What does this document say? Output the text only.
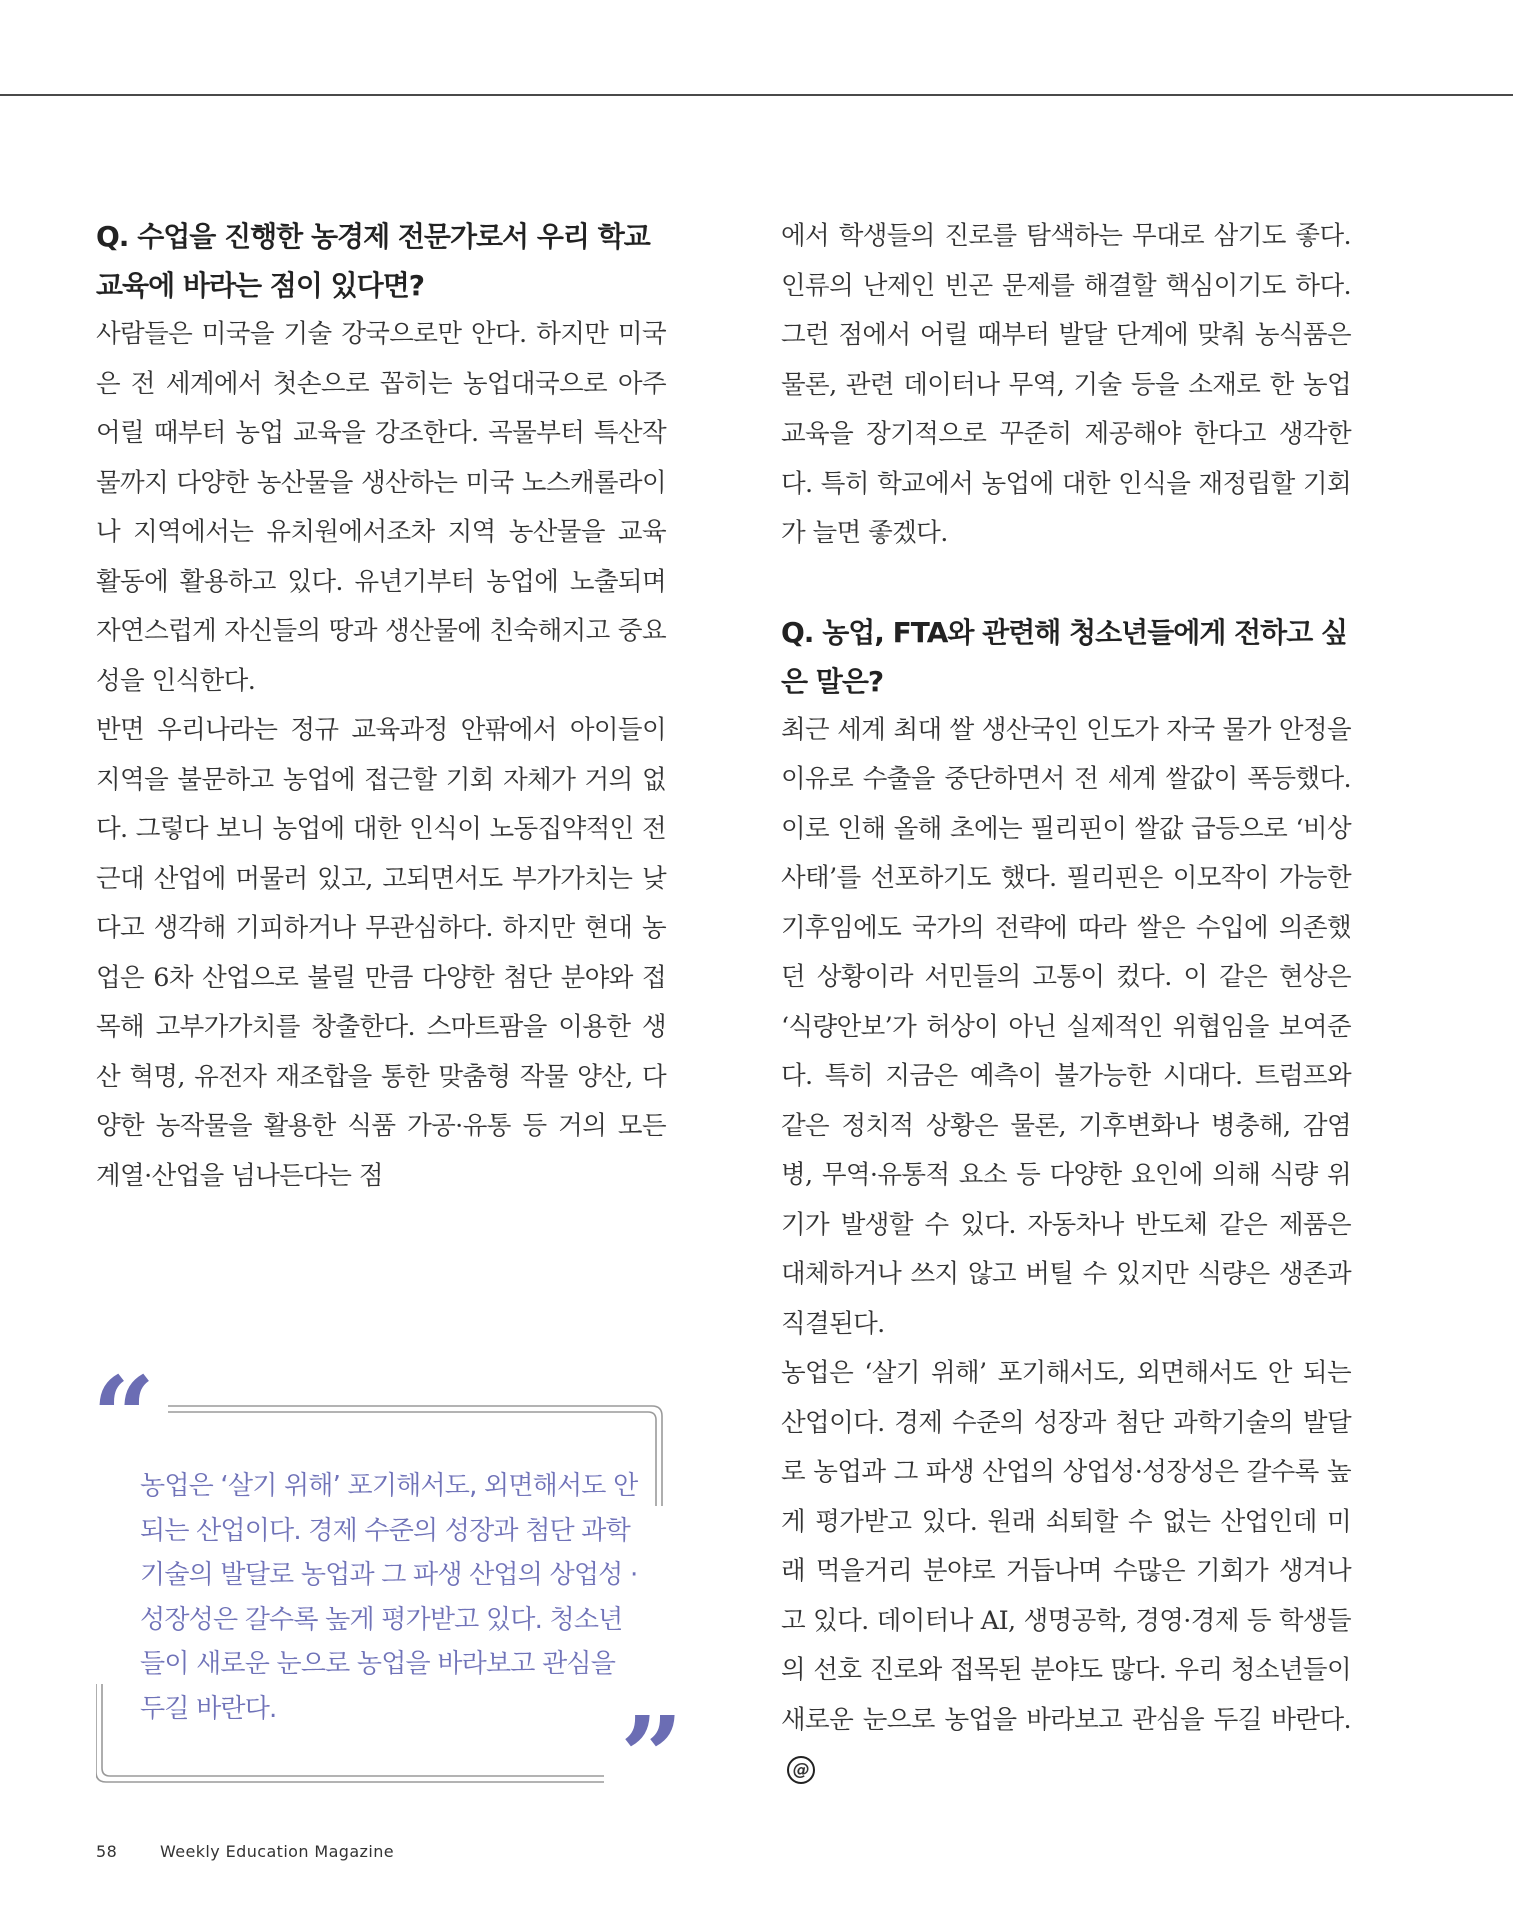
Q. 수업을 진행한 농경제 전문가로서 우리 학교 교육에 바라는 점이 있다면?

사람들은 미국을 기술 강국으로만 안다. 하지만 미국은 전 세계에서 첫손으로 꼽히는 농업대국으로 아주 어릴 때부터 농업 교육을 강조한다. 곡물부터 특산작물까지 다양한 농산물을 생산하는 미국 노스캐롤라이나 지역에서는 유치원에서조차 지역 농산물을 교육 활동에 활용하고 있다. 유년기부터 농업에 노출되며 자연스럽게 자신들의 땅과 생산물에 친숙해지고 중요성을 인식한다.

반면 우리나라는 정규 교육과정 안팎에서 아이들이 지역을 불문하고 농업에 접근할 기회 자체가 거의 없다. 그렇다 보니 농업에 대한 인식이 노동집약적인 전근대 산업에 머물러 있고, 고되면서도 부가가치는 낮다고 생각해 기피하거나 무관심하다. 하지만 현대 농업은 6차 산업으로 불릴 만큼 다양한 첨단 분야와 접목해 고부가가치를 창출한다. 스마트팜을 이용한 생산 혁명, 유전자 재조합을 통한 맞춤형 작물 양산, 다양한 농작물을 활용한 식품 가공·유통 등 거의 모든 계열·산업을 넘나든다는 점

에서 학생들의 진로를 탐색하는 무대로 삼기도 좋다. 인류의 난제인 빈곤 문제를 해결할 핵심이기도 하다. 그런 점에서 어릴 때부터 발달 단계에 맞춰 농식품은 물론, 관련 데이터나 무역, 기술 등을 소재로 한 농업 교육을 장기적으로 꾸준히 제공해야 한다고 생각한다. 특히 학교에서 농업에 대한 인식을 재정립할 기회가 늘면 좋겠다.

Q. 농업, FTA와 관련해 청소년들에게 전하고 싶은 말은?

최근 세계 최대 쌀 생산국인 인도가 자국 물가 안정을 이유로 수출을 중단하면서 전 세계 쌀값이 폭등했다. 이로 인해 올해 초에는 필리핀이 쌀값 급등으로 ‘비상사태’를 선포하기도 했다. 필리핀은 이모작이 가능한 기후임에도 국가의 전략에 따라 쌀은 수입에 의존했던 상황이라 서민들의 고통이 컸다. 이 같은 현상은 ‘식량안보’가 허상이 아닌 실제적인 위협임을 보여준다. 특히 지금은 예측이 불가능한 시대다. 트럼프와 같은 정치적 상황은 물론, 기후변화나 병충해, 감염병, 무역·유통적 요소 등 다양한 요인에 의해 식량 위기가 발생할 수 있다. 자동차나 반도체 같은 제품은 대체하거나 쓰지 않고 버틸 수 있지만 식량은 생존과 직결된다.

농업은 ‘살기 위해’ 포기해서도, 외면해서도 안 되는 산업이다. 경제 수준의 성장과 첨단 과학기술의 발달로 농업과 그 파생 산업의 상업성·성장성은 갈수록 높게 평가받고 있다. 원래 쇠퇴할 수 없는 산업인데 미래 먹을거리 분야로 거듭나며 수많은 기회가 생겨나고 있다. 데이터나 AI, 생명공학, 경영·경제 등 학생들의 선호 진로와 접목된 분야도 많다. 우리 청소년들이 새로운 눈으로 농업을 바라보고 관심을 두길 바란다.@

“

농업은 ‘살기 위해’ 포기해서도, 외면해서도 안 되는 산업이다. 경제 수준의 성장과 첨단 과학기술의 발달로 농업과 그 파생 산업의 상업성 · 성장성은 갈수록 높게 평가받고 있다. 청소년들이 새로운 눈으로 농업을 바라보고 관심을 두길 바란다.	”
58	Weekly Education Magazine
